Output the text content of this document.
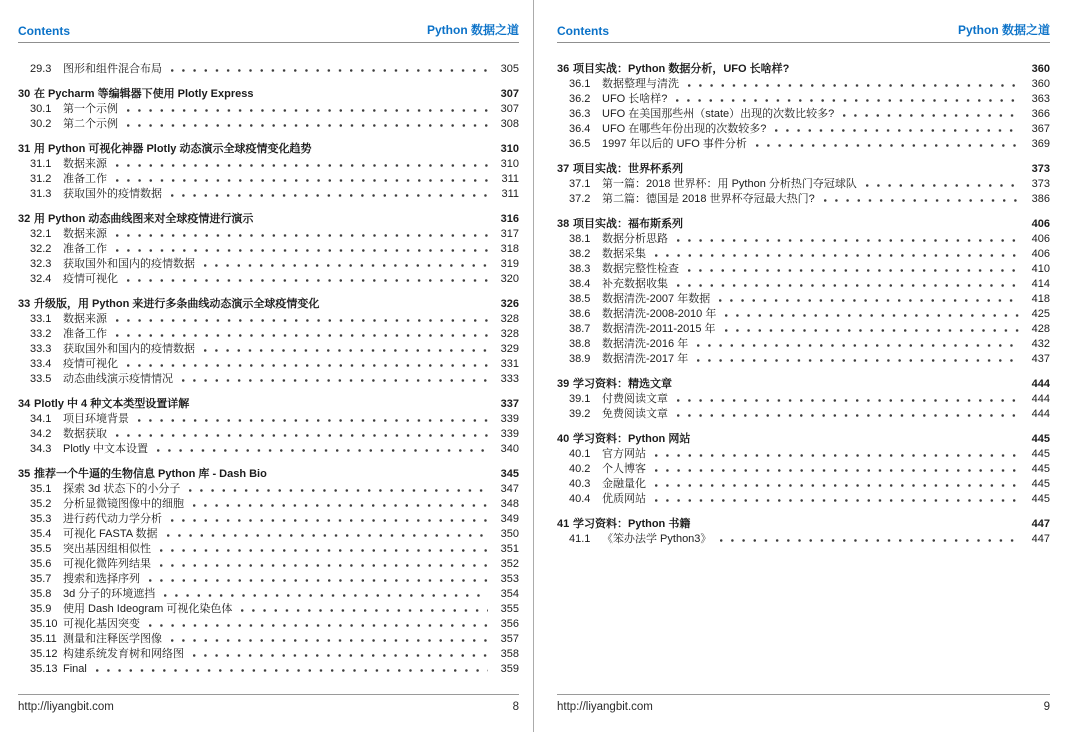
Contents	Python 数据之道
29.3	图形和组件混合布局	305
30 在 Pycharm 等编辑器下使用 Plotly Express	307
30.1	第一个示例	307
30.2	第二个示例	308
31 用 Python 可视化神器 Plotly 动态演示全球疫情变化趋势	310
31.1	数据来源	310
31.2	准备工作	311
31.3	获取国外的疫情数据	311
32 用 Python 动态曲线图来对全球疫情进行演示	316
32.1	数据来源	317
32.2	准备工作	318
32.3	获取国外和国内的疫情数据	319
32.4	疫情可视化	320
33 升级版，用 Python 来进行多条曲线动态演示全球疫情变化	326
33.1	数据来源	328
33.2	准备工作	328
33.3	获取国外和国内的疫情数据	329
33.4	疫情可视化	331
33.5	动态曲线演示疫情情况	333
34 Plotly 中 4 种文本类型设置详解	337
34.1	项目环境背景	339
34.2	数据获取	339
34.3	Plotly 中文本设置	340
35 推荐一个牛逼的生物信息 Python 库 - Dash Bio	345
35.1	探索 3d 状态下的小分子	347
35.2	分析显微镜图像中的细胞	348
35.3	进行药代动力学分析	349
35.4	可视化 FASTA 数据	350
35.5	突出基因组相似性	351
35.6	可视化微阵列结果	352
35.7	搜索和选择序列	353
35.8	3d 分子的环境遮挡	354
35.9	使用 Dash Ideogram 可视化染色体	355
35.10 可视化基因突变	356
35.11 测量和注释医学图像	357
35.12 构建系统发育树和网络图	358
35.13 Final	359
http://liyangbit.com	8
Contents	Python 数据之道
36 项目实战：Python 数据分析，UFO 长啥样?	360
36.1	数据整理与清洗	360
36.2	UFO 长啥样?	363
36.3	UFO 在美国那些州（state）出现的次数比较多?	366
36.4	UFO 在哪些年份出现的次数较多?	367
36.5	1997 年以后的 UFO 事件分析	369
37 项目实战：世界杯系列	373
37.1	第一篇：2018 世界杯：用 Python 分析热门夺冠球队	373
37.2	第二篇：德国是 2018 世界杯夺冠最大热门?	386
38 项目实战：福布斯系列	406
38.1	数据分析思路	406
38.2	数据采集	406
38.3	数据完整性检查	410
38.4	补充数据收集	414
38.5	数据清洗-2007 年数据	418
38.6	数据清洗-2008-2010 年	425
38.7	数据清洗-2011-2015 年	428
38.8	数据清洗-2016 年	432
38.9	数据清洗-2017 年	437
39 学习资料：精选文章	444
39.1	付费阅读文章	444
39.2	免费阅读文章	444
40 学习资料：Python 网站	445
40.1	官方网站	445
40.2	个人博客	445
40.3	金融量化	445
40.4	优质网站	445
41 学习资料：Python 书籍	447
41.1	《笨办法学 Python3》	447
http://liyangbit.com	9
